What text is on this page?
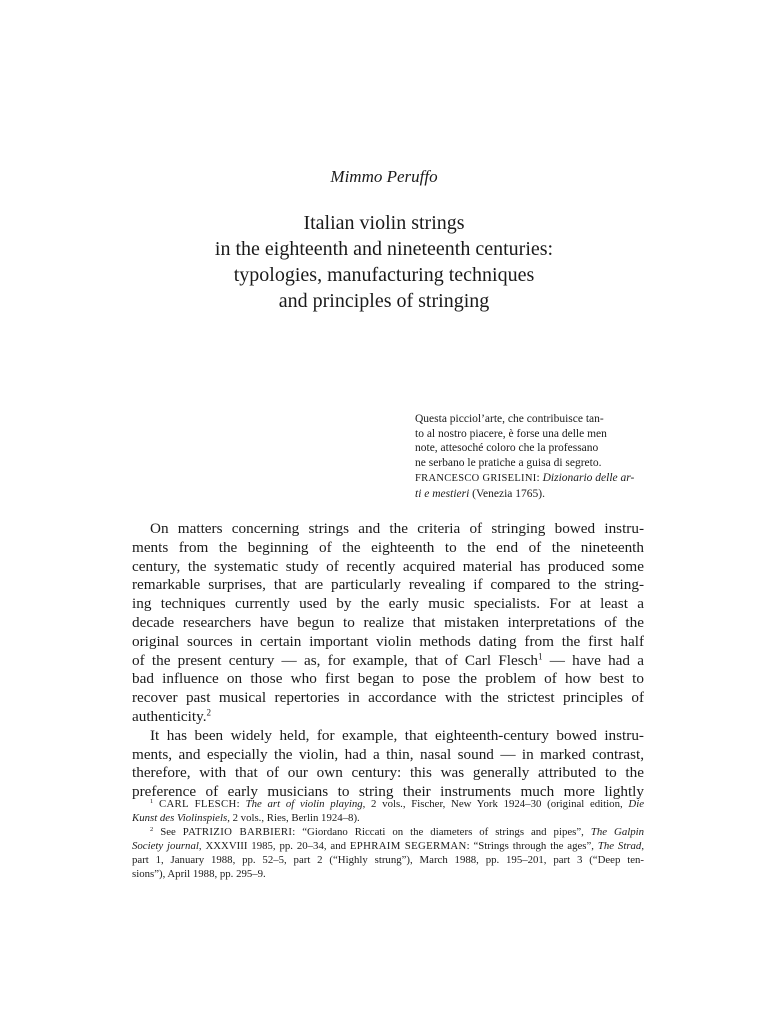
Mimmo Peruffo
Italian violin strings
in the eighteenth and nineteenth centuries:
typologies, manufacturing techniques
and principles of stringing
Questa picciol’arte, che contribuisce tan-
to al nostro piacere, è forse una delle men
note, attesoché coloro che la professano
ne serbano le pratiche a guisa di segreto.
FRANCESCO GRISELINI: Dizionario delle ar-
ti e mestieri (Venezia 1765).
On matters concerning strings and the criteria of stringing bowed instru-
ments from the beginning of the eighteenth to the end of the nineteenth
century, the systematic study of recently acquired material has produced some
remarkable surprises, that are particularly revealing if compared to the string-
ing techniques currently used by the early music specialists. For at least a
decade researchers have begun to realize that mistaken interpretations of the
original sources in certain important violin methods dating from the first half
of the present century — as, for example, that of Carl Flesch$^1$ — have had a
bad influence on those who first began to pose the problem of how best to
recover past musical repertories in accordance with the strictest principles of
authenticity.$^2$
It has been widely held, for example, that eighteenth-century bowed instru-
ments, and especially the violin, had a thin, nasal sound — in marked contrast,
therefore, with that of our own century: this was generally attributed to the
preference of early musicians to string their instruments much more lightly
$^1$ CARL FLESCH: The art of violin playing, 2 vols., Fischer, New York 1924–30 (original edition, Die
Kunst des Violinspiels, 2 vols., Ries, Berlin 1924–8).
$^2$ See PATRIZIO BARBIERI: “Giordano Riccati on the diameters of strings and pipes”, The Galpin
Society journal, XXXVIII 1985, pp. 20–34, and EPHRAIM SEGERMAN: “Strings through the ages”, The Strad,
part 1, January 1988, pp. 52–5, part 2 (“Highly strung”), March 1988, pp. 195–201, part 3 (“Deep ten-
sions”), April 1988, pp. 295–9.
